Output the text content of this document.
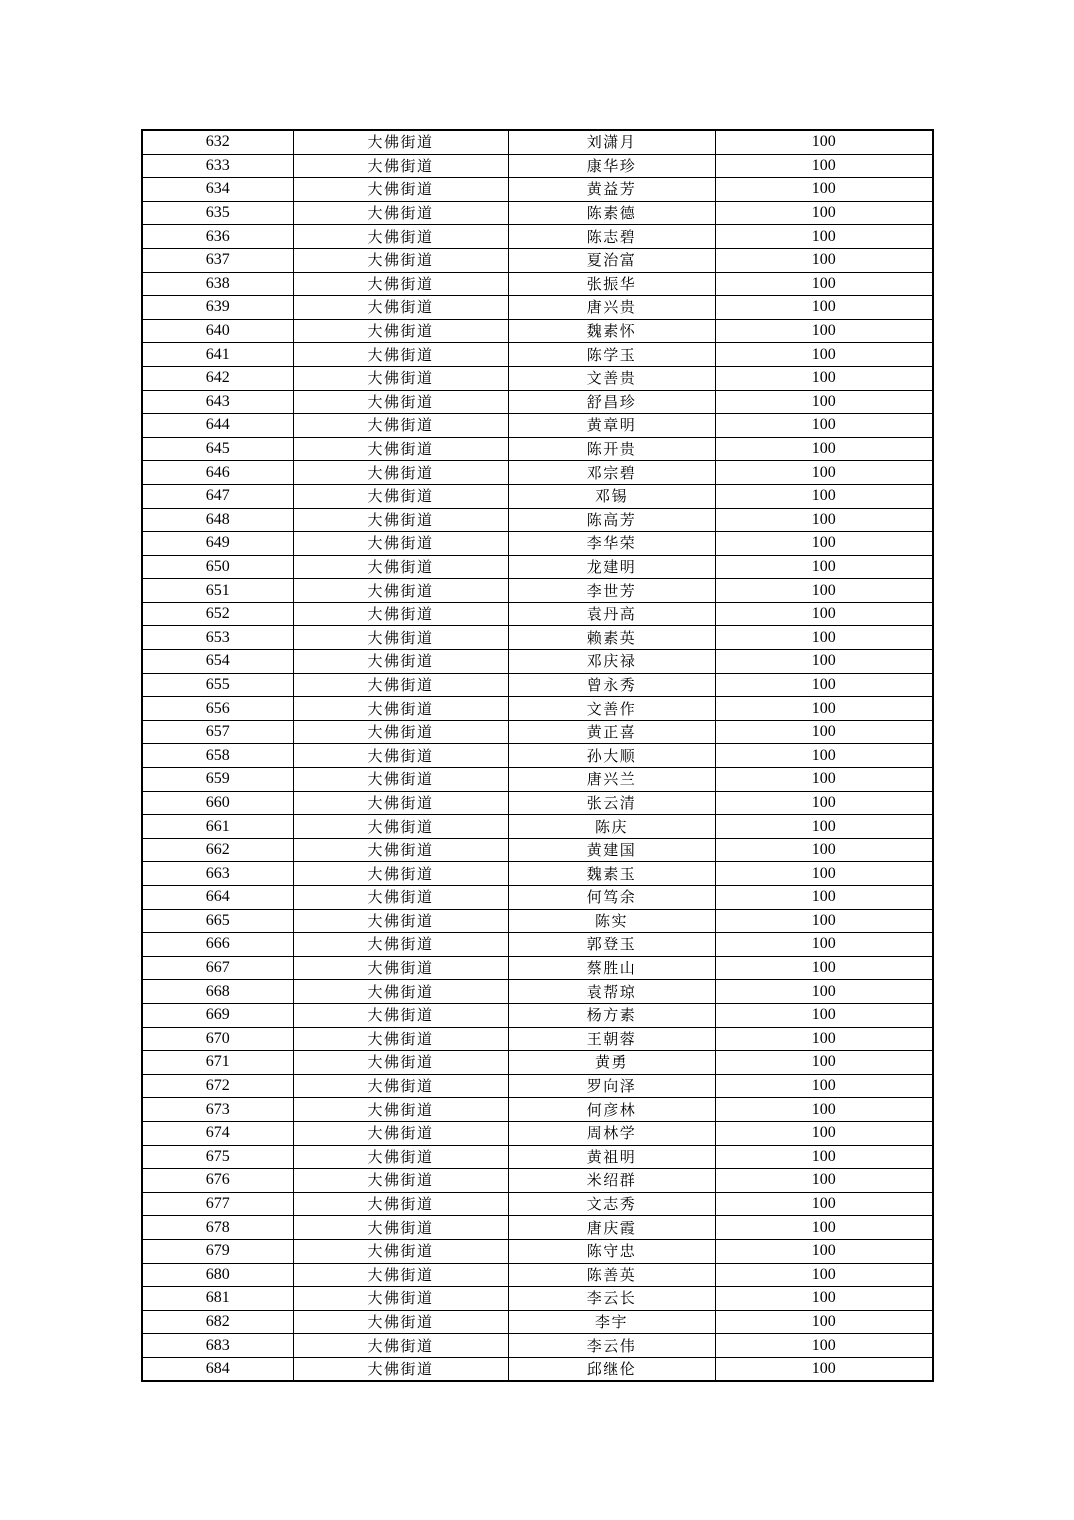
632	大佛街道	刘潇月	100
633	大佛街道	康华珍	100
634	大佛街道	黄益芳	100
635	大佛街道	陈素德	100
636	大佛街道	陈志碧	100
637	大佛街道	夏治富	100
638	大佛街道	张振华	100
639	大佛街道	唐兴贵	100
640	大佛街道	魏素怀	100
641	大佛街道	陈学玉	100
642	大佛街道	文善贵	100
643	大佛街道	舒昌珍	100
644	大佛街道	黄章明	100
645	大佛街道	陈开贵	100
646	大佛街道	邓宗碧	100
647	大佛街道	邓锡	100
648	大佛街道	陈高芳	100
649	大佛街道	李华荣	100
650	大佛街道	龙建明	100
651	大佛街道	李世芳	100
652	大佛街道	袁丹高	100
653	大佛街道	赖素英	100
654	大佛街道	邓庆禄	100
655	大佛街道	曾永秀	100
656	大佛街道	文善作	100
657	大佛街道	黄正喜	100
658	大佛街道	孙大顺	100
659	大佛街道	唐兴兰	100
660	大佛街道	张云清	100
661	大佛街道	陈庆	100
662	大佛街道	黄建国	100
663	大佛街道	魏素玉	100
664	大佛街道	何笃余	100
665	大佛街道	陈实	100
666	大佛街道	郭登玉	100
667	大佛街道	蔡胜山	100
668	大佛街道	袁帮琼	100
669	大佛街道	杨方素	100
670	大佛街道	王朝蓉	100
671	大佛街道	黄勇	100
672	大佛街道	罗向泽	100
673	大佛街道	何彦林	100
674	大佛街道	周林学	100
675	大佛街道	黄祖明	100
676	大佛街道	米绍群	100
677	大佛街道	文志秀	100
678	大佛街道	唐庆霞	100
679	大佛街道	陈守忠	100
680	大佛街道	陈善英	100
681	大佛街道	李云长	100
682	大佛街道	李宇	100
683	大佛街道	李云伟	100
684	大佛街道	邱继伦	100
